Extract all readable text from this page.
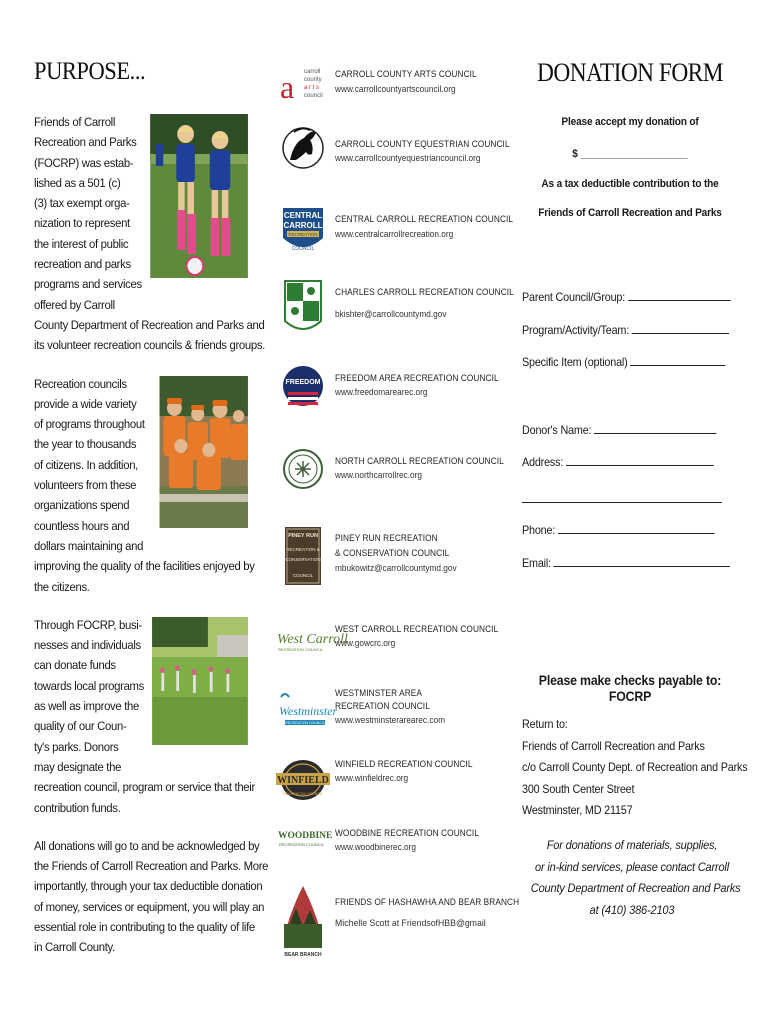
PURPOSE...
Friends of Carroll
Recreation and Parks
(FOCRP) was estab-
lished as a 501 (c)
(3) tax exempt orga-
nization to represent
the interest of public
recreation and parks
programs and services
offered by Carroll
County Department of Recreation and Parks and
its volunteer recreation councils & friends groups.
Recreation councils
provide a wide variety
of programs throughout
the year to thousands
of citizens. In addition,
volunteers from these
organizations spend
countless hours and
dollars maintaining and
improving the quality of the facilities enjoyed by
the citizens.
Through FOCRP, busi-
nesses and individuals
can donate funds
towards local programs
as well as improve the
quality of our Coun-
ty's parks. Donors
may designate the
recreation council, program or service that their
contribution funds.
All donations will go to and be acknowledged by
the Friends of Carroll Recreation and Parks. More
importantly, through your tax deductible donation
of money, services or equipment, you will play an
essential role in contributing to the quality of life
in Carroll County.
a carroll
county
a r t s
council
CARROLL COUNTY ARTS COUNCIL
www.carrollcountyartscouncil.org
CARROLL COUNTY EQUESTRIAN COUNCIL
www.carrollcountyequestriancouncil.org
CENTRAL
CARROLL
RECREATION
COUNCIL
CENTRAL CARROLL RECREATION COUNCIL
www.centralcarrollrecreation.org
CHARLES CARROLL RECREATION COUNCIL
bkishter@carrollcountymd.gov
FREEDOM FREEDOM AREA RECREATION COUNCIL
www.freedomarearec.org
NORTH CARROLL RECREATION COUNCIL
www.northcarrollrec.org
PINEY RUN
RECREATION &
CONSERVATION
COUNCIL
PINEY RUN RECREATION
& CONSERVATION COUNCIL
mbukowitz@carrollcountymd.gov
West Carroll
RECREATION COUNCIL
WEST CARROLL RECREATION COUNCIL
www.gowcrc.org
Westminster
RECREATION COUNCIL
WESTMINSTER AREA
RECREATION COUNCIL
www.westminsterarearec.com
WINFIELD
RECREATION COUNCIL
WINFIELD RECREATION COUNCIL
www.winfieldrec.org
WOODBINE
RECREATION COUNCIL
WOODBINE RECREATION COUNCIL
www.woodbinerec.org
BEAR BRANCH
FRIENDS OF HASHAWHA AND BEAR BRANCH
Michelle Scott at FriendsofHBB@gmail
DONATION FORM
Please accept my donation of
$ ___________________
As a tax deductible contribution to the
Friends of Carroll Recreation and Parks
Parent Council/Group:
Program/Activity/Team:
Specific Item (optional)
Donor's Name:
Address:
Phone:
Email:
Please make checks payable to: FOCRP
Return to:
Friends of Carroll Recreation and Parks
c/o Carroll County Dept. of Recreation and Parks
300 South Center Street
Westminster, MD 21157
For donations of materials, supplies,
or in-kind services, please contact Carroll
County Department of Recreation and Parks
at (410) 386-2103
